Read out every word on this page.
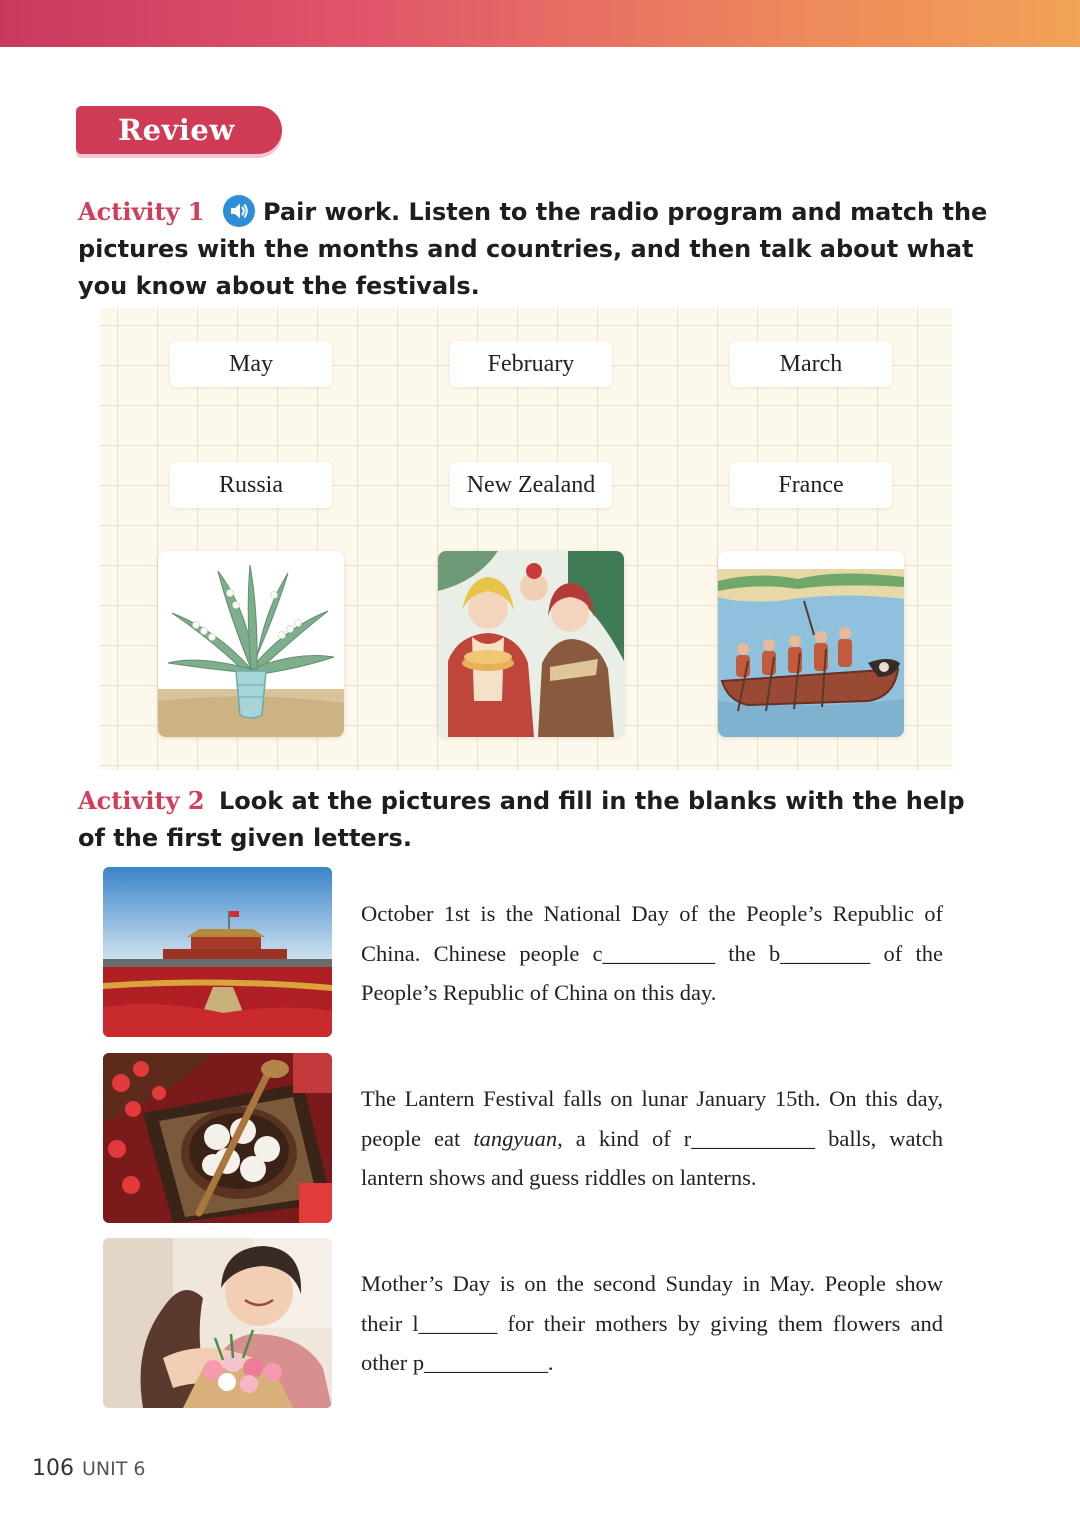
Review
Activity 1 Pair work. Listen to the radio program and match the pictures with the months and countries, and then talk about what you know about the festivals.
May	February	March
Russia	New Zealand	France
Activity 2 Look at the pictures and fill in the blanks with the help of the first given letters.
October 1st is the National Day of the People’s Republic of China. Chinese people c__________ the b________ of the People’s Republic of China on this day.
The Lantern Festival falls on lunar January 15th. On this day, people eat tangyuan, a kind of r___________ balls, watch lantern shows and guess riddles on lanterns.
Mother’s Day is on the second Sunday in May. People show their l_______ for their mothers by giving them flowers and other p___________.
106 UNIT 6
